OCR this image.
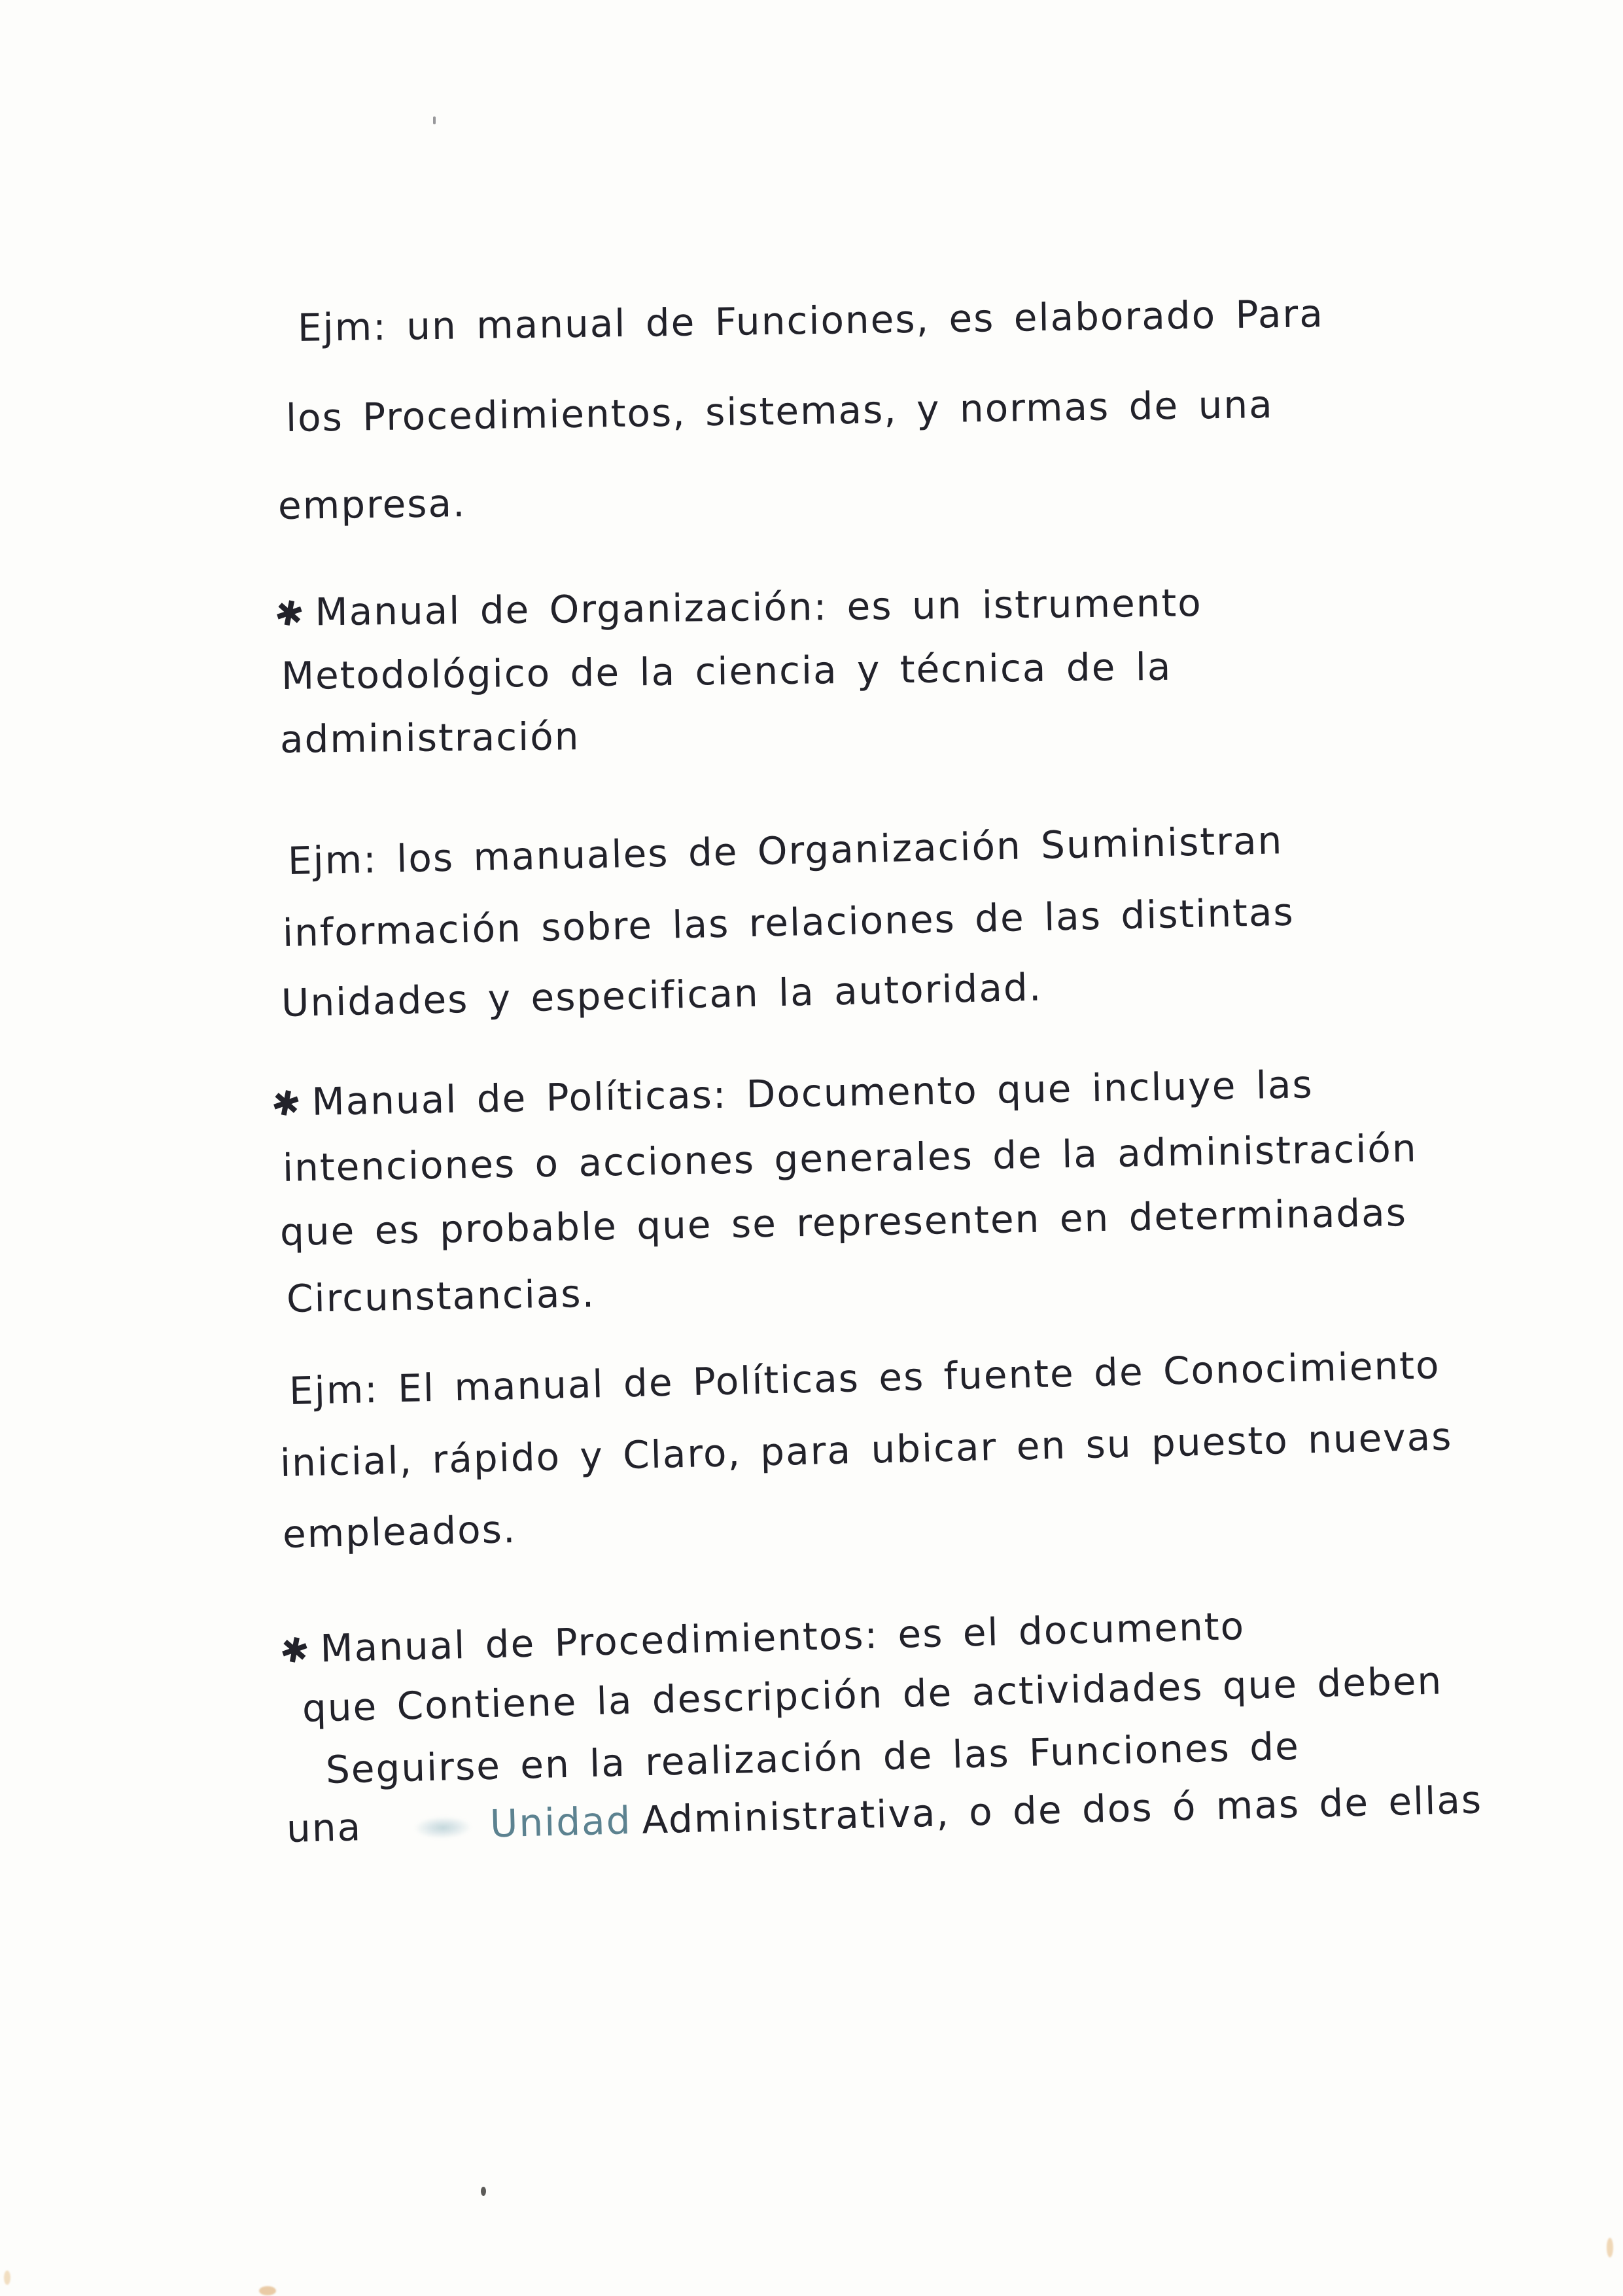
Ejm: un manual de Funciones, es elaborado Para
los Procedimientos, sistemas, y normas de una
empresa.
✱ Manual de Organización: es un istrumento
Metodológico de la ciencia y técnica de la
administración
Ejm: los manuales de Organización Suministran
información sobre las relaciones de las distintas
Unidades y especifican la autoridad.
✱ Manual de Políticas: Documento que incluye las
intenciones o acciones generales de la administración
que es probable que se representen en determinadas
Circunstancias.
Ejm: El manual de Políticas es fuente de Conocimiento
inicial, rápido y Claro, para ubicar en su puesto nuevas
empleados.
✱ Manual de Procedimientos: es el documento
que Contiene la descripción de actividades que deben
Seguirse en la realización de las Funciones de
una	Unidad Administrativa, o de dos ó mas de ellas
